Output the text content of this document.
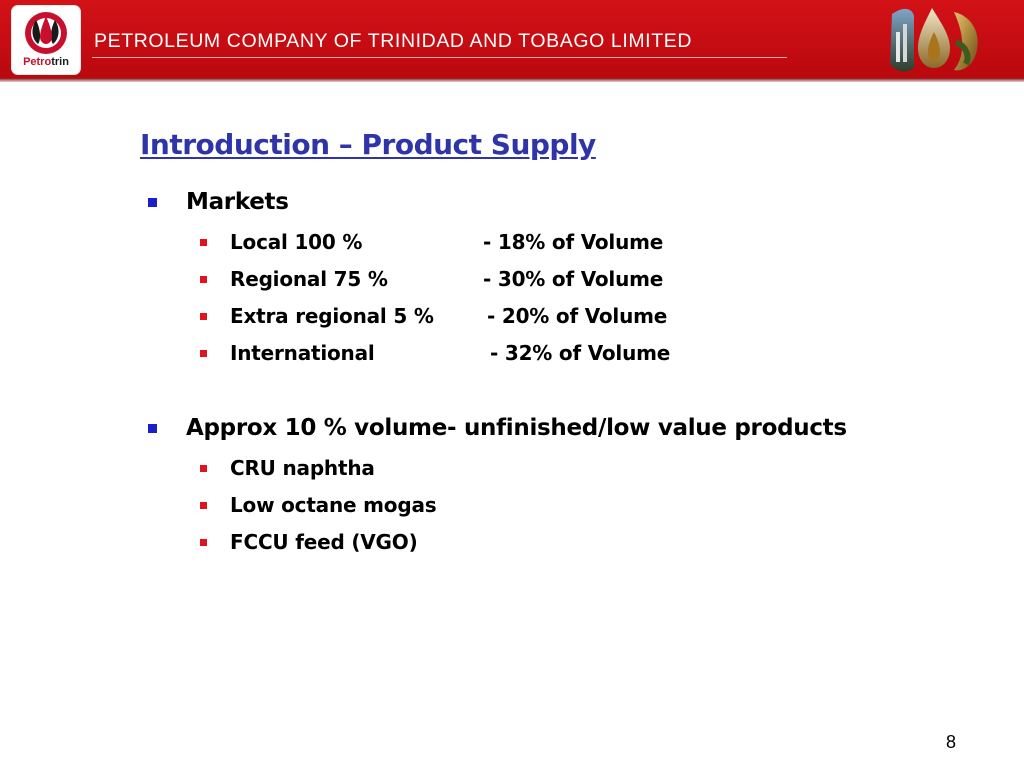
Petrotrin
PETROLEUM COMPANY OF TRINIDAD AND TOBAGO LIMITED
Introduction – Product Supply
Markets
Local 100 %	- 18% of Volume
Regional 75 %	- 30% of Volume
Extra regional 5 %	- 20% of Volume
International	- 32% of Volume
Approx 10 % volume- unfinished/low value products
CRU naphtha
Low octane mogas
FCCU feed (VGO)
8
